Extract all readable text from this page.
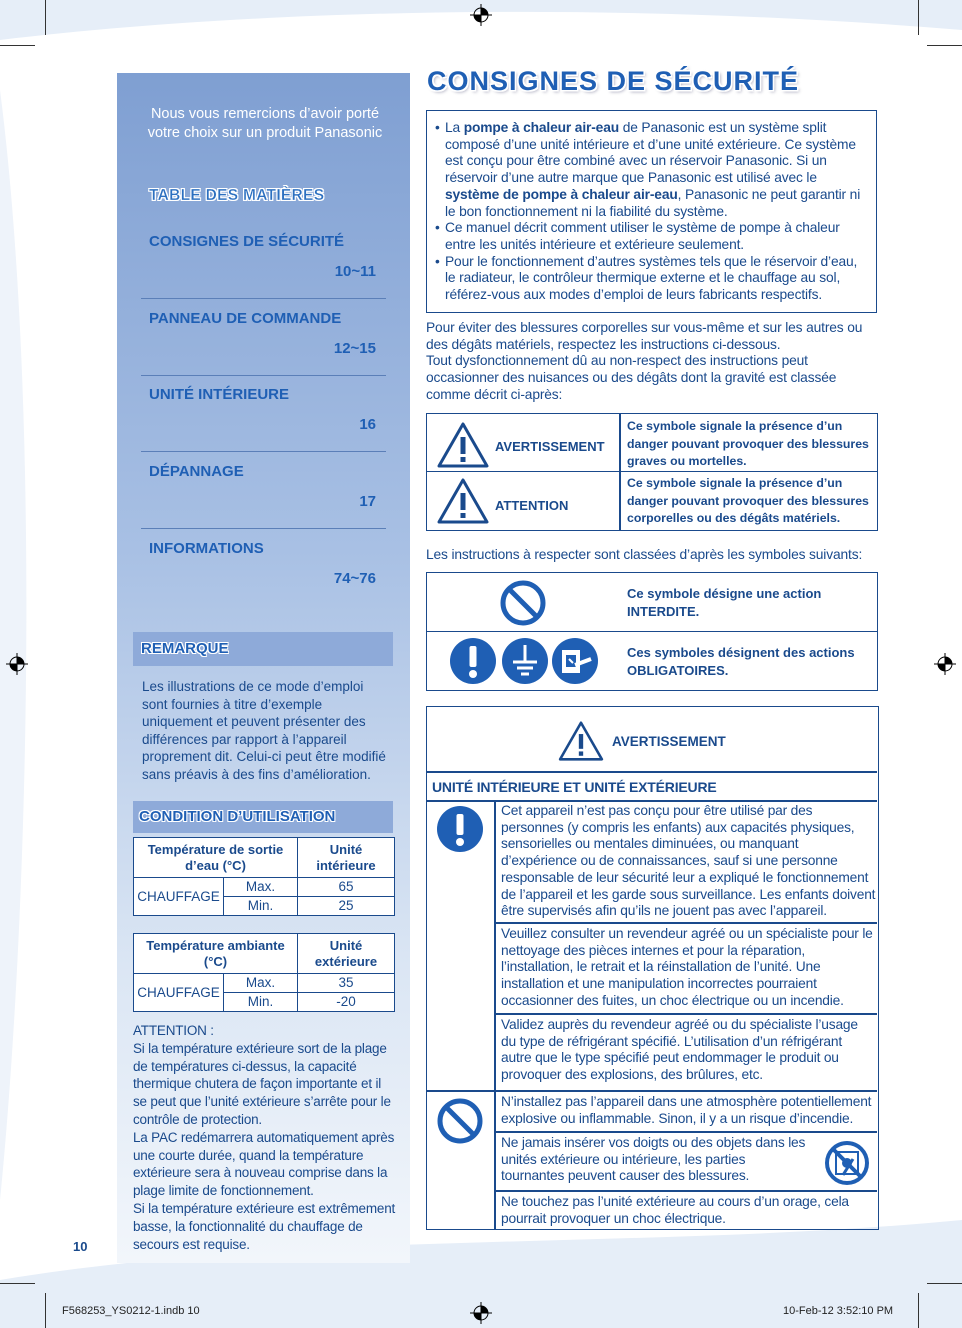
Nous vous remercions d’avoir porté votre choix sur un produit Panasonic
TABLE DES MATIÈRES
CONSIGNES DE SÉCURITÉ
10~11
PANNEAU DE COMMANDE
12~15
UNITÉ INTÉRIEURE
16
DÉPANNAGE
17
INFORMATIONS
74~76
REMARQUE
Les illustrations de ce mode d’emploi sont fournies à titre d’exemple uniquement et peuvent présenter des différences par rapport à l’appareil proprement dit. Celui-ci peut être modifié sans préavis à des fins d’amélioration.
CONDITION D’UTILISATION
Température de sortie d’eau (°C)		Unité intérieure
CHAUFFAGE	Max.	65
	Min.	25
Température ambiante (°C)		Unité extérieure
CHAUFFAGE	Max.	35
	Min.	-20
ATTENTION :
Si la température extérieure sort de la plage de températures ci-dessus, la capacité thermique chutera de façon importante et il se peut que l’unité extérieure s’arrête pour le contrôle de protection.
La PAC redémarrera automatiquement après une courte durée, quand la température extérieure sera à nouveau comprise dans la plage limite de fonctionnement.
Si la température extérieure est extrêmement basse, la fonctionnalité du chauffage de secours est requise.
CONSIGNES DE SÉCURITÉ
• La pompe à chaleur air-eau de Panasonic est un système split composé d’une unité intérieure et d’une unité extérieure. Ce système est conçu pour être combiné avec un réservoir Panasonic. Si un réservoir d’une autre marque que Panasonic est utilisé avec le système de pompe à chaleur air-eau, Panasonic ne peut garantir ni le bon fonctionnement ni la fiabilité du système.
• Ce manuel décrit comment utiliser le système de pompe à chaleur entre les unités intérieure et extérieure seulement.
• Pour le fonctionnement d’autres systèmes tels que le réservoir d’eau, le radiateur, le contrôleur thermique externe et le chauffage au sol, référez-vous aux modes d’emploi de leurs fabricants respectifs.
Pour éviter des blessures corporelles sur vous-même et sur les autres ou des dégâts matériels, respectez les instructions ci-dessous.
Tout dysfonctionnement dû au non-respect des instructions peut occasionner des nuisances ou des dégâts dont la gravité est classée comme décrit ci-après:
AVERTISSEMENT
Ce symbole signale la présence d’un danger pouvant provoquer des blessures graves ou mortelles.
ATTENTION
Ce symbole signale la présence d’un danger pouvant provoquer des blessures corporelles ou des dégâts matériels.
Les instructions à respecter sont classées d’après les symboles suivants:
Ce symbole désigne une action INTERDITE.
Ces symboles désignent des actions OBLIGATOIRES.
AVERTISSEMENT
UNITÉ INTÉRIEURE ET UNITÉ EXTÉRIEURE
Cet appareil n’est pas conçu pour être utilisé par des personnes (y compris les enfants) aux capacités physiques, sensorielles ou mentales diminuées, ou manquant d’expérience ou de connaissances, sauf si une personne responsable de leur sécurité leur a expliqué le fonctionnement de l’appareil et les garde sous surveillance. Les enfants doivent être supervisés afin qu’ils ne jouent pas avec l’appareil.
Veuillez consulter un revendeur agréé ou un spécialiste pour le nettoyage des pièces internes et pour la réparation, l’installation, le retrait et la réinstallation de l’unité. Une installation et une manipulation incorrectes pourraient occasionner des fuites, un choc électrique ou un incendie.
Validez auprès du revendeur agréé ou du spécialiste l’usage du type de réfrigérant spécifié. L’utilisation d’un réfrigérant autre que le type spécifié peut endommager le produit ou provoquer des explosions, des brûlures, etc.
N’installez pas l’appareil dans une atmosphère potentiellement explosive ou inflammable. Sinon, il y a un risque d’incendie.
Ne jamais insérer vos doigts ou des objets dans les unités extérieure ou intérieure, les parties tournantes peuvent causer des blessures.
Ne touchez pas l’unité extérieure au cours d’un orage, cela pourrait provoquer un choc électrique.
10
F568253_YS0212-1.indb 10	10-Feb-12 3:52:10 PM
